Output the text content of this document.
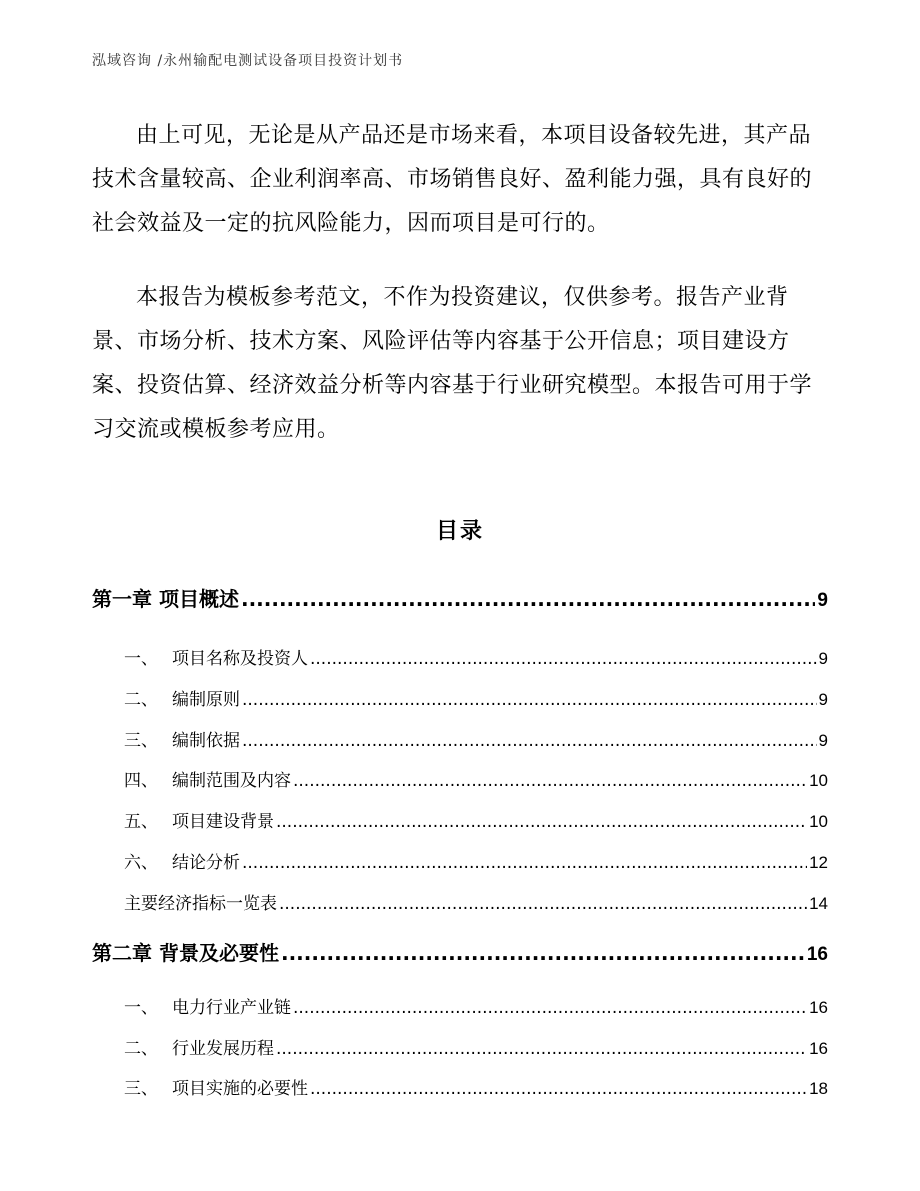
泓域咨询 /永州输配电测试设备项目投资计划书

由上可见，无论是从产品还是市场来看，本项目设备较先进，其产品技术含量较高、企业利润率高、市场销售良好、盈利能力强，具有良好的社会效益及一定的抗风险能力，因而项目是可行的。

本报告为模板参考范文，不作为投资建议，仅供参考。报告产业背景、市场分析、技术方案、风险评估等内容基于公开信息；项目建设方案、投资估算、经济效益分析等内容基于行业研究模型。本报告可用于学习交流或模板参考应用。

目录
第一章 项目概述 .....	9
一、 项目名称及投资人 .....	9
二、 编制原则 .....	9
三、 编制依据 .....	9
四、 编制范围及内容 .....	10
五、 项目建设背景 .....	10
六、 结论分析 .....	12
主要经济指标一览表 .....	14
第二章 背景及必要性 .....	16
一、 电力行业产业链 .....	16
二、 行业发展历程 .....	16
三、 项目实施的必要性 .....	18
